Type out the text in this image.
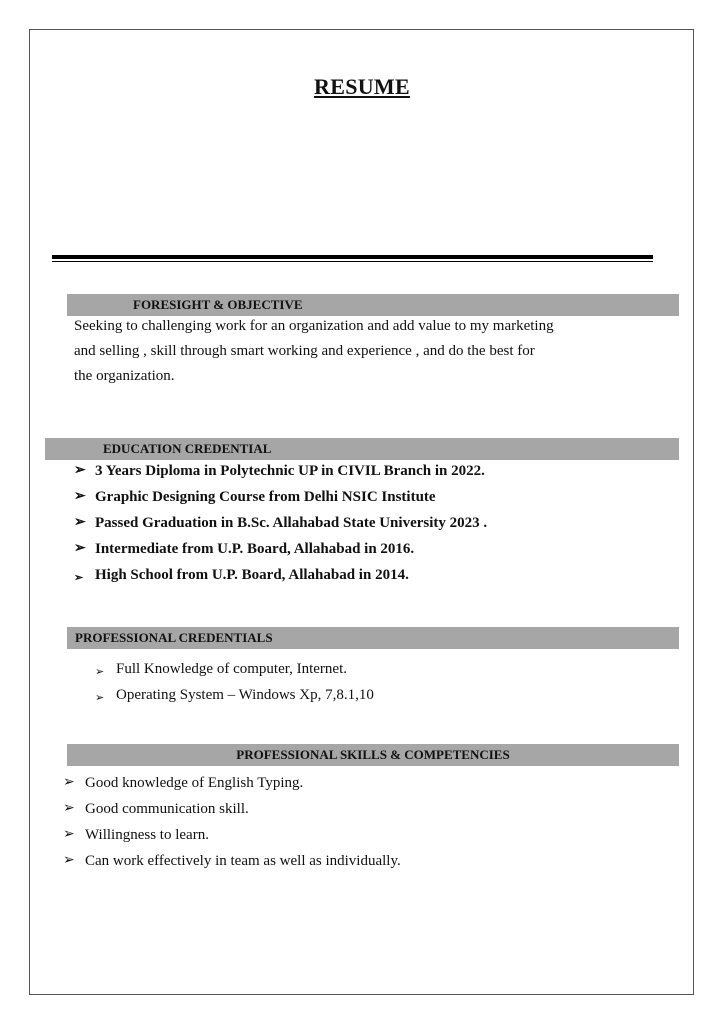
RESUME
FORESIGHT & OBJECTIVE
Seeking to challenging work for an organization and add value to my marketing
and selling , skill through smart working and experience , and do the best for
the organization.
EDUCATION CREDENTIAL
➢ 3 Years Diploma in Polytechnic UP in CIVIL Branch in 2022.
➢ Graphic Designing Course from Delhi NSIC Institute
➢ Passed Graduation in B.Sc. Allahabad State University 2023 .
➢ Intermediate from U.P. Board, Allahabad in 2016.
➢ High School from U.P. Board, Allahabad in 2014.
PROFESSIONAL CREDENTIALS
➢ Full Knowledge of computer, Internet.
➢ Operating System – Windows Xp, 7,8.1,10
PROFESSIONAL SKILLS & COMPETENCIES
➢ Good knowledge of English Typing.
➢ Good communication skill.
➢ Willingness to learn.
➢ Can work effectively in team as well as individually.
